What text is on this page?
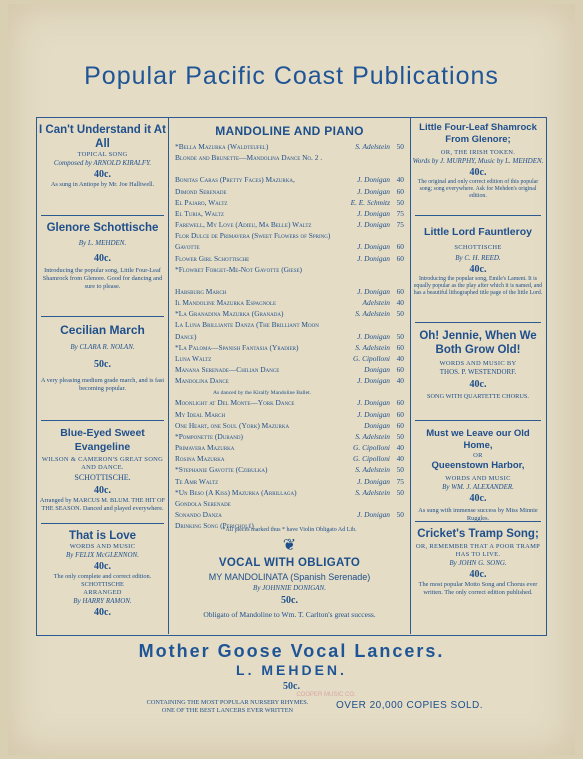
Popular Pacific Coast Publications
I Can't Understand it At All
TOPICAL SONG
Composed by ARNOLD KIRALFY.
40c.
As sung in Antiope by Mr. Joe Halliwell.
Glenore Schottische
By L. MEHDEN.
40c.
Introducing the popular song, Little Four-Leaf Shamrock from Glenore. Good for dancing and sure to please.
Cecilian March
By CLARA R. NOLAN.
50c.
A very pleasing medium grade march, and is fast becoming popular.
Blue-Eyed Sweet Evangeline
WILSON & CAMERON'S GREAT SONG AND DANCE.
SCHOTTISCHE.
40c.
Arranged by MARCUS M. BLUM. THE HIT OF THE SEASON. Danced and played everywhere.
That is Love
WORDS AND MUSIC
By FELIX McGLENNON.
40c.
The only complete and correct edition.
SCHOTTISCHE
ARRANGED
By HARRY RAMON.
40c.
MANDOLINE AND PIANO
*Bella Mazurka (Waldteufel)	S. Adelstein 50
Blonde and Brunette—Mandolina Dance No. 2 .
Bonitas Caras (Pretty Faces) Mazurka,	J. Donigan 40
Dimond Serenade	J. Donigan 60
El Pajaro, Waltz	E. E. Schmitz 50
El Turia, Waltz	J. Donigan 75
Farewell, My Love (Adieu, Ma Belle) Waltz	J. Donigan 75
Flor Dulce de Primavera (Sweet Flowers of Spring)
Gavotte	J. Donigan 60
Flower Girl Schottische	J. Donigan 60
*Flowret Forget-Me-Not Gavotte (Giese)
Habsburg March	J. Donigan 60
Il Mandoline Mazurka Espagnole	Adelstein 40
*La Granadina Mazurka (Granada)	S. Adelstein 50
La Luna Brilliante Danza (The Brilliant Moon
Dance)	J. Donigan 50
*La Paloma—Spanish Fantasia (Yradier)	S. Adelstein 60
Luna Waltz	G. Cipolloni 40
Manana Serenade—Chilian Dance	Donigan 60
Mandolina Dance	J. Donigan 40
As danced by the Kiralfy Mandoline Ballet.
Moonlight at Del Monte—York Dance	J. Donigan 60
My Ideal March	J. Donigan 60
One Heart, one Soul (York) Mazurka	Donigan 60
*Pomponette (Durand)	S. Adelstein 50
Primavera Mazurka	G. Cipolloni 40
Rosina Mazurka	G. Cipolloni 40
*Stephanie Gavotte (Czibulka)	S. Adelstein 50
Te Amr Waltz	J. Donigan 75
*Un Beso (A Kiss) Mazurka (Arrillaga)	S. Adelstein 50
Gondola Serenade
Sonando Danza	J. Donigan 50
Drinking Song (Pericholé)
*All pieces marked thus * have Violin Obligato Ad Lib.
❦
VOCAL WITH OBLIGATO
MY MANDOLINATA (Spanish Serenade)
By JOHNNIE DONIGAN.
50c.
Obligato of Mandoline to Wm. T. Carlton's great success.
Little Four-Leaf Shamrock From Glenore;
OR, THE IRISH TOKEN.
Words by J. MURPHY, Music by L. MEHDEN.
40c.
The original and only correct edition of this popular song; song everywhere. Ask for Mehden's original edition.
Little Lord Fauntleroy
SCHOTTISCHE
By C. H. REED.
40c.
Introducing the popular song, Emile's Lament. It is equally popular as the play after which it is named, and has a beautiful lithographed title page of the little Lord.
Oh! Jennie, When We Both Grow Old!
WORDS AND MUSIC BY
THOS. P. WESTENDORF.
40c.
SONG WITH QUARTETTE CHORUS.
Must we Leave our Old Home,
OR
Queenstown Harbor,
WORDS AND MUSIC
By WM. J. ALEXANDER.
40c.
As sung with immense success by Miss Minnie Ruggles.
Cricket's Tramp Song;
OR, REMEMBER THAT A POOR TRAMP HAS TO LIVE.
By JOHN G. SONG.
40c.
The most popular Motto Song and Chorus ever written. The only correct edition published.
Mother Goose Vocal Lancers.
L. MEHDEN.
50c.
CONTAINING THE MOST POPULAR NURSERY RHYMES.
ONE OF THE BEST LANCERS EVER WRITTEN	OVER 20,000 COPIES SOLD.
COOPER MUSIC CO.
